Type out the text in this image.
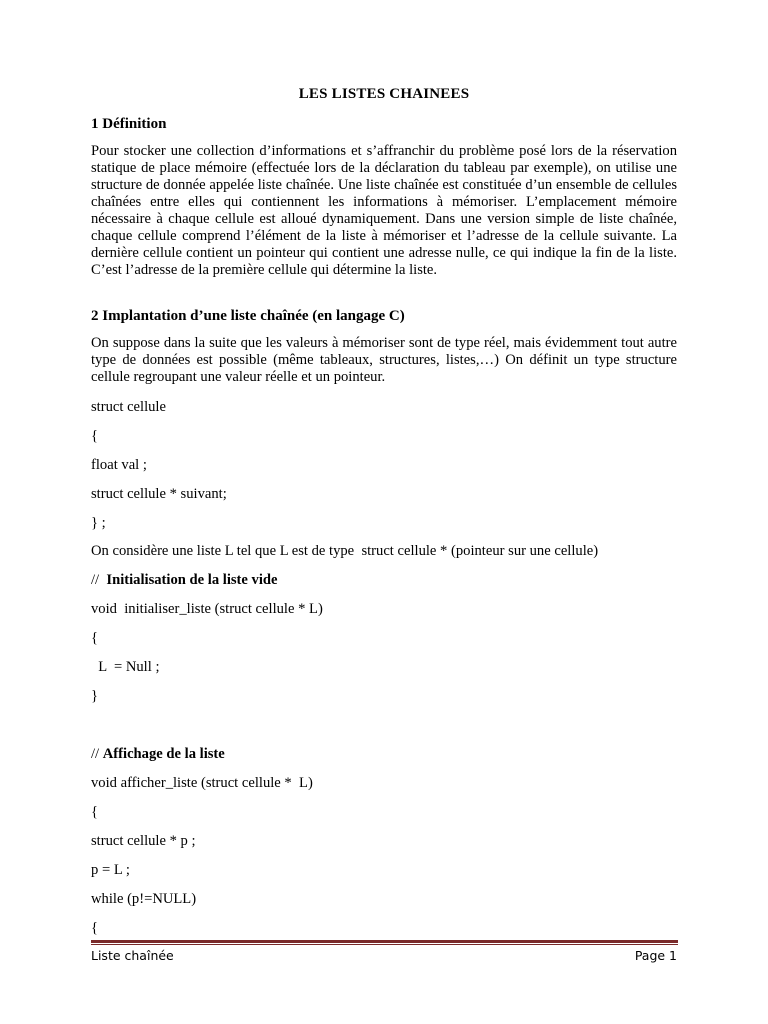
LES LISTES CHAINEES
1 Définition
Pour stocker une collection d’informations et s’affranchir du problème posé lors de la réservation statique de place mémoire (effectuée lors de la déclaration du tableau par exemple), on utilise une structure de donnée appelée liste chaînée. Une liste chaînée est constituée d’un ensemble de cellules chaînées entre elles qui contiennent les informations à mémoriser. L’emplacement mémoire nécessaire à chaque cellule est alloué dynamiquement. Dans une version simple de liste chaînée, chaque cellule comprend l’élément de la liste à mémoriser et l’adresse de la cellule suivante. La dernière cellule contient un pointeur qui contient une adresse nulle, ce qui indique la fin de la liste. C’est l’adresse de la première cellule qui détermine la liste.
2 Implantation d’une liste chaînée (en langage C)
On suppose dans la suite que les valeurs à mémoriser sont de type réel, mais évidemment tout autre type de données est possible (même tableaux, structures, listes,…) On définit un type structure cellule regroupant une valeur réelle et un pointeur.
struct cellule
{
float val ;
struct cellule * suivant;
} ;
On considère une liste L tel que L est de type  struct cellule * (pointeur sur une cellule)
//  Initialisation de la liste vide
void  initialiser_liste (struct cellule * L)
{
L  = Null ;
}
// Affichage de la liste
void afficher_liste (struct cellule *  L)
{
struct cellule * p ;
p = L ;
while (p!=NULL)
{
Liste chaînée	Page 1
